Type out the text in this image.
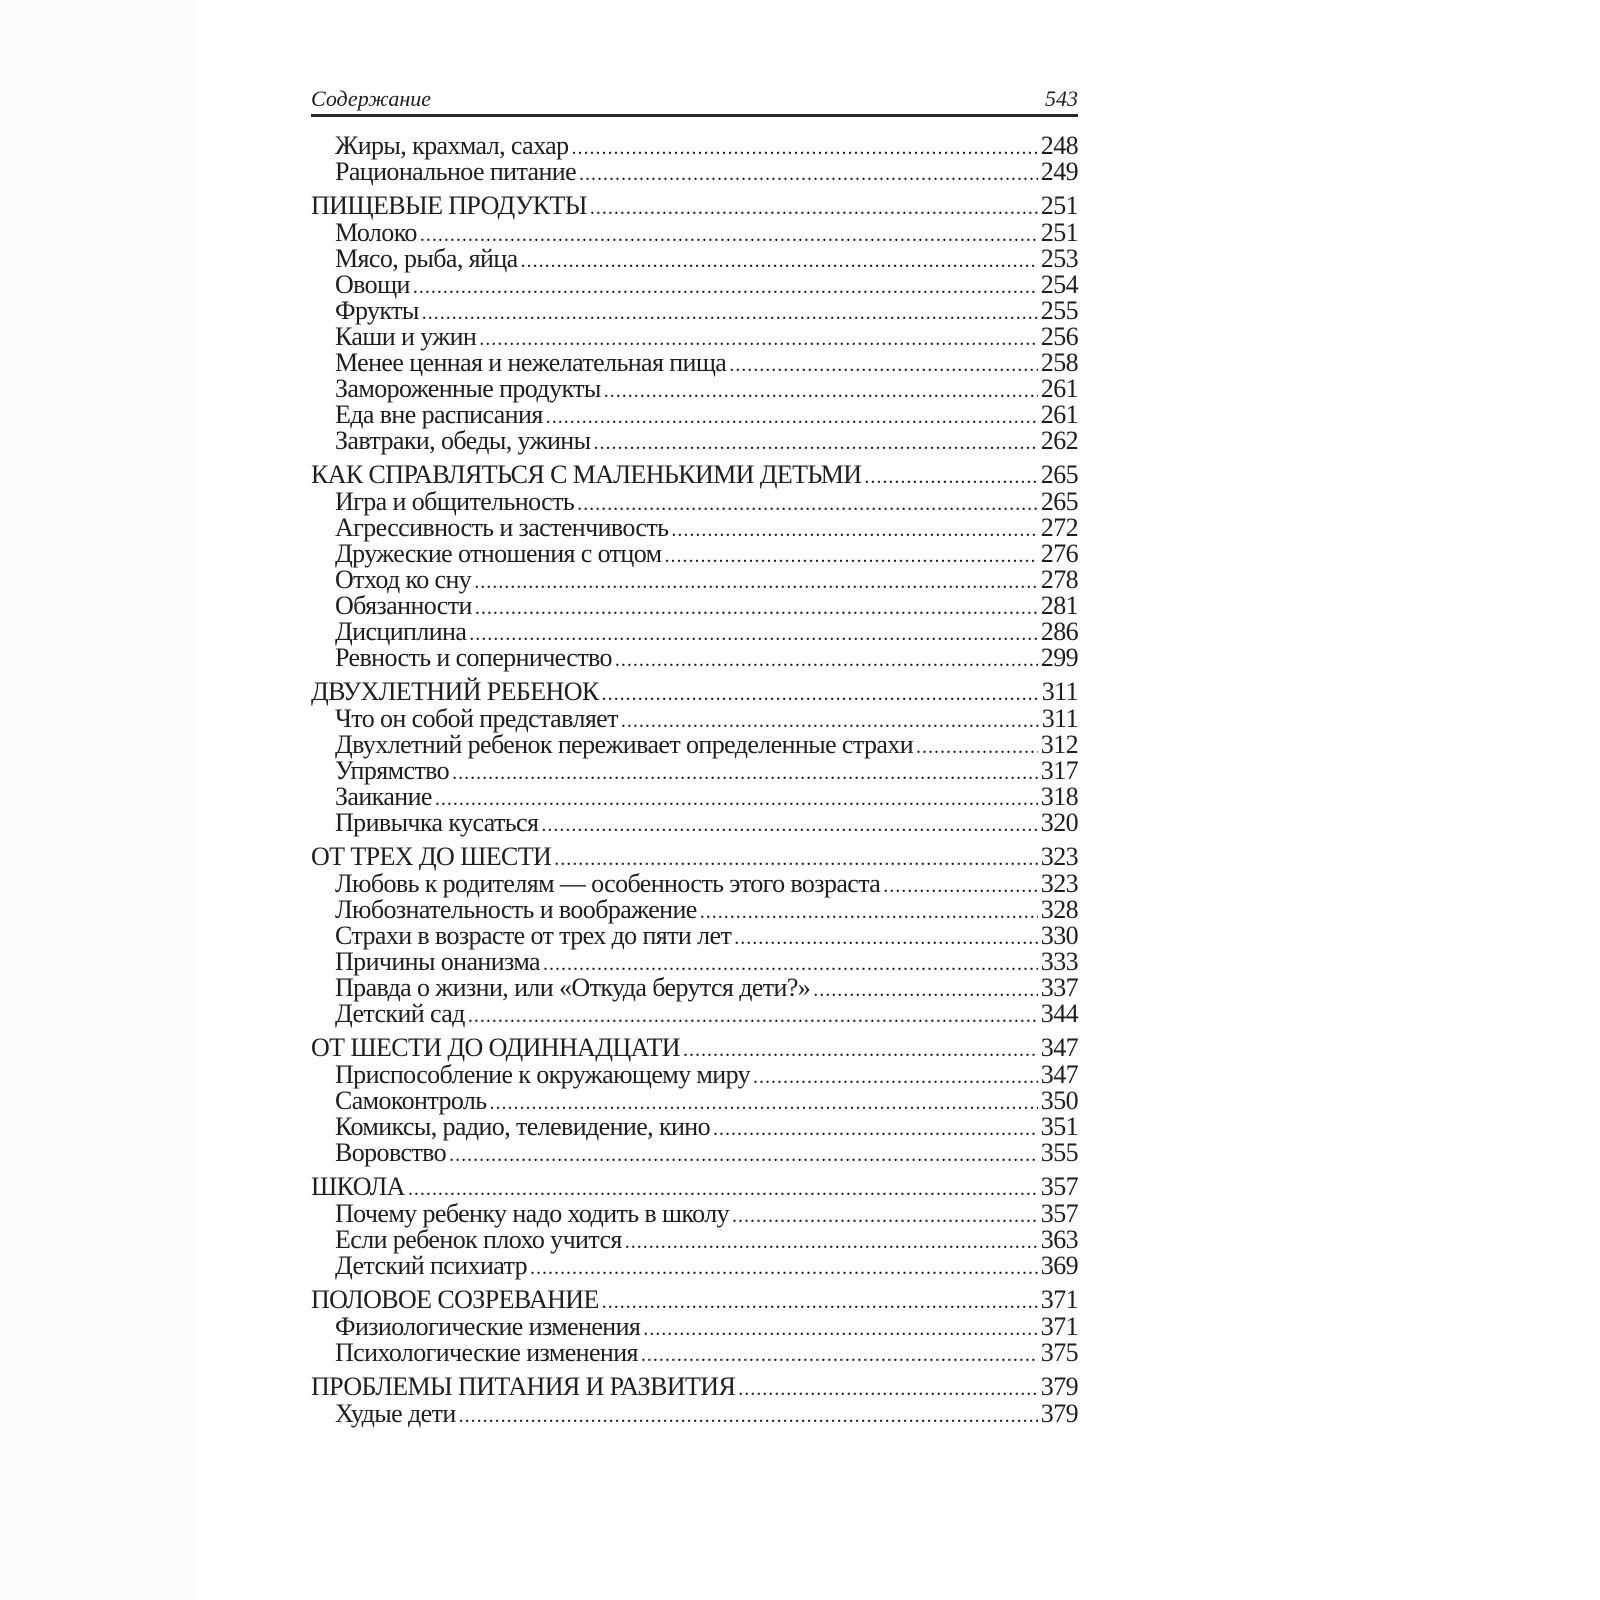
Содержание	543
Жиры, крахмал, сахар .....	248
Рациональное питание .....	249
ПИЩЕВЫЕ ПРОДУКТЫ .....	251
Молоко .....	251
Мясо, рыба, яйца .....	253
Овощи .....	254
Фрукты .....	255
Каши и ужин .....	256
Менее ценная и нежелательная пища .....	258
Замороженные продукты .....	261
Еда вне расписания .....	261
Завтраки, обеды, ужины .....	262
КАК СПРАВЛЯТЬСЯ С МАЛЕНЬКИМИ ДЕТЬМИ .....	265
Игра и общительность .....	265
Агрессивность и застенчивость .....	272
Дружеские отношения с отцом .....	276
Отход ко сну .....	278
Обязанности .....	281
Дисциплина .....	286
Ревность и соперничество .....	299
ДВУХЛЕТНИЙ РЕБЕНОК .....	311
Что он собой представляет .....	311
Двухлетний ребенок переживает определенные страхи .....	312
Упрямство .....	317
Заикание .....	318
Привычка кусаться .....	320
ОТ ТРЕХ ДО ШЕСТИ .....	323
Любовь к родителям — особенность этого возраста .....	323
Любознательность и воображение .....	328
Страхи в возрасте от трех до пяти лет .....	330
Причины онанизма .....	333
Правда о жизни, или «Откуда берутся дети?» .....	337
Детский сад .....	344
ОТ ШЕСТИ ДО ОДИННАДЦАТИ .....	347
Приспособление к окружающему миру .....	347
Самоконтроль .....	350
Комиксы, радио, телевидение, кино .....	351
Воровство .....	355
ШКОЛА .....	357
Почему ребенку надо ходить в школу .....	357
Если ребенок плохо учится .....	363
Детский психиатр .....	369
ПОЛОВОЕ СОЗРЕВАНИЕ .....	371
Физиологические изменения .....	371
Психологические изменения .....	375
ПРОБЛЕМЫ ПИТАНИЯ И РАЗВИТИЯ .....	379
Худые дети .....	379
